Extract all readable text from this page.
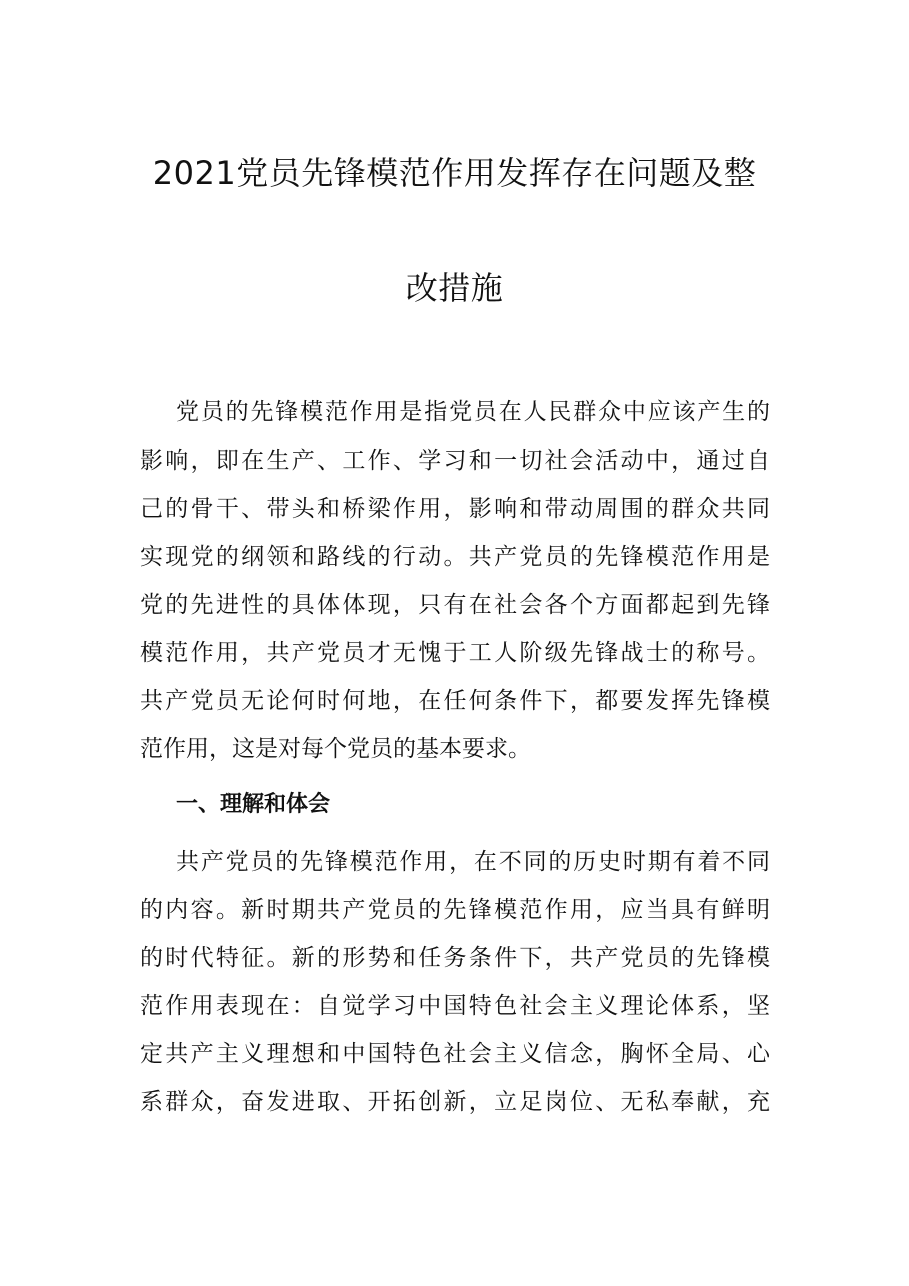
2021党员先锋模范作用发挥存在问题及整
改措施
党员的先锋模范作用是指党员在人民群众中应该产生的
影响，即在生产、工作、学习和一切社会活动中，通过自
己的骨干、带头和桥梁作用，影响和带动周围的群众共同
实现党的纲领和路线的行动。共产党员的先锋模范作用是
党的先进性的具体体现，只有在社会各个方面都起到先锋
模范作用，共产党员才无愧于工人阶级先锋战士的称号。
共产党员无论何时何地，在任何条件下，都要发挥先锋模
范作用，这是对每个党员的基本要求。
一、理解和体会
共产党员的先锋模范作用，在不同的历史时期有着不同
的内容。新时期共产党员的先锋模范作用，应当具有鲜明
的时代特征。新的形势和任务条件下，共产党员的先锋模
范作用表现在：自觉学习中国特色社会主义理论体系，坚
定共产主义理想和中国特色社会主义信念，胸怀全局、心
系群众，奋发进取、开拓创新，立足岗位、无私奉献，充
